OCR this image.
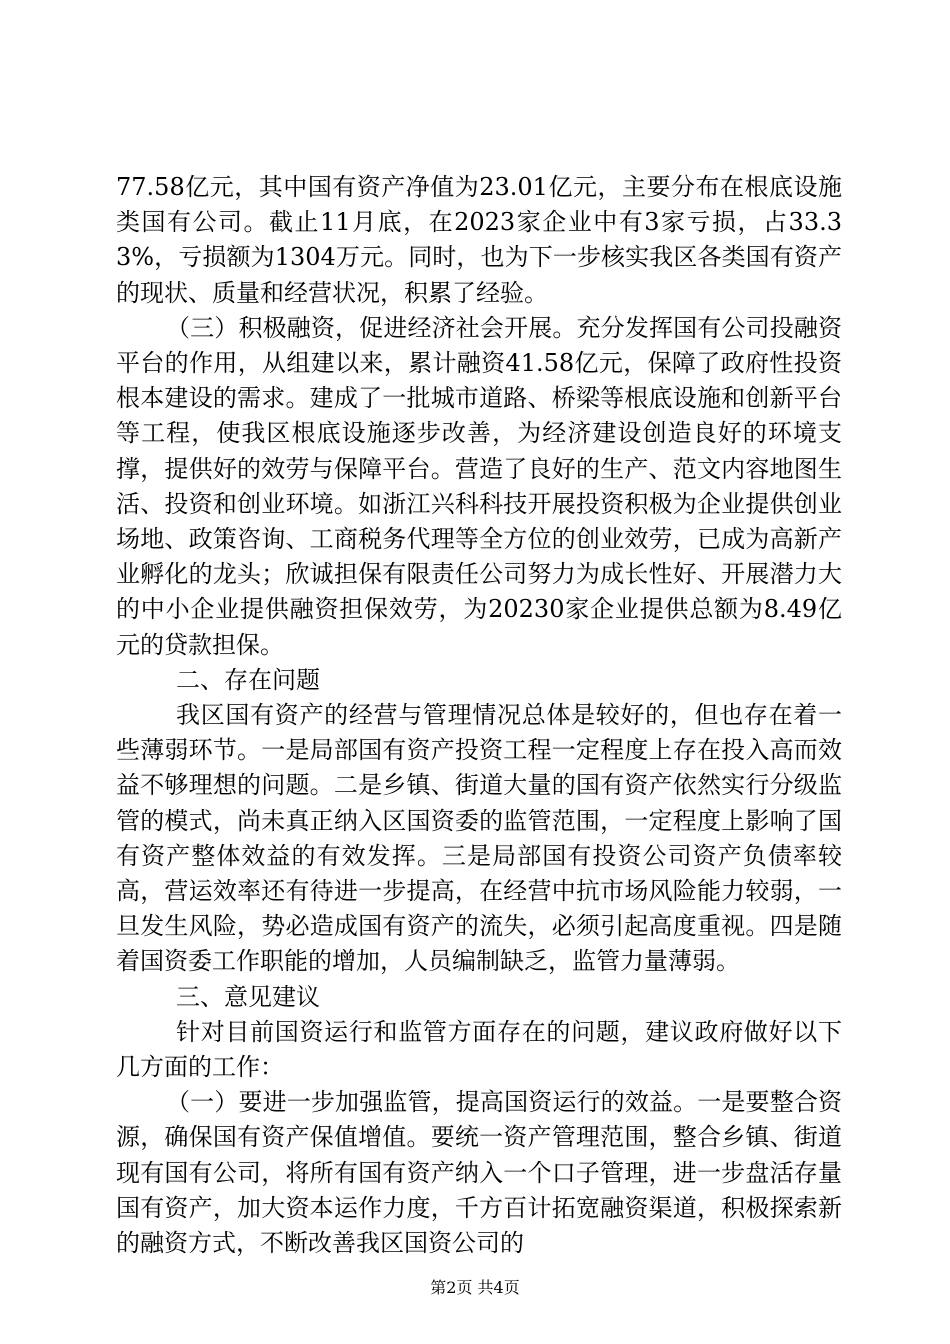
77.58亿元，其中国有资产净值为23.01亿元，主要分布在根底设施类国有公司。截止11月底，在2023家企业中有3家亏损，占33.33%，亏损额为1304万元。同时，也为下一步核实我区各类国有资产的现状、质量和经营状况，积累了经验。

（三）积极融资，促进经济社会开展。充分发挥国有公司投融资平台的作用，从组建以来，累计融资41.58亿元，保障了政府性投资根本建设的需求。建成了一批城市道路、桥梁等根底设施和创新平台等工程，使我区根底设施逐步改善，为经济建设创造良好的环境支撑，提供好的效劳与保障平台。营造了良好的生产、范文内容地图生活、投资和创业环境。如浙江兴科科技开展投资积极为企业提供创业场地、政策咨询、工商税务代理等全方位的创业效劳，已成为高新产业孵化的龙头；欣诚担保有限责任公司努力为成长性好、开展潜力大的中小企业提供融资担保效劳，为20230家企业提供总额为8.49亿元的贷款担保。

二、存在问题

我区国有资产的经营与管理情况总体是较好的，但也存在着一些薄弱环节。一是局部国有资产投资工程一定程度上存在投入高而效益不够理想的问题。二是乡镇、街道大量的国有资产依然实行分级监管的模式，尚未真正纳入区国资委的监管范围，一定程度上影响了国有资产整体效益的有效发挥。三是局部国有投资公司资产负债率较高，营运效率还有待进一步提高，在经营中抗市场风险能力较弱，一旦发生风险，势必造成国有资产的流失，必须引起高度重视。四是随着国资委工作职能的增加，人员编制缺乏，监管力量薄弱。

三、意见建议

针对目前国资运行和监管方面存在的问题，建议政府做好以下几方面的工作：

（一）要进一步加强监管，提高国资运行的效益。一是要整合资源，确保国有资产保值增值。要统一资产管理范围，整合乡镇、街道现有国有公司，将所有国有资产纳入一个口子管理，进一步盘活存量国有资产，加大资本运作力度，千方百计拓宽融资渠道，积极探索新的融资方式，不断改善我区国资公司的

第2页 共4页
